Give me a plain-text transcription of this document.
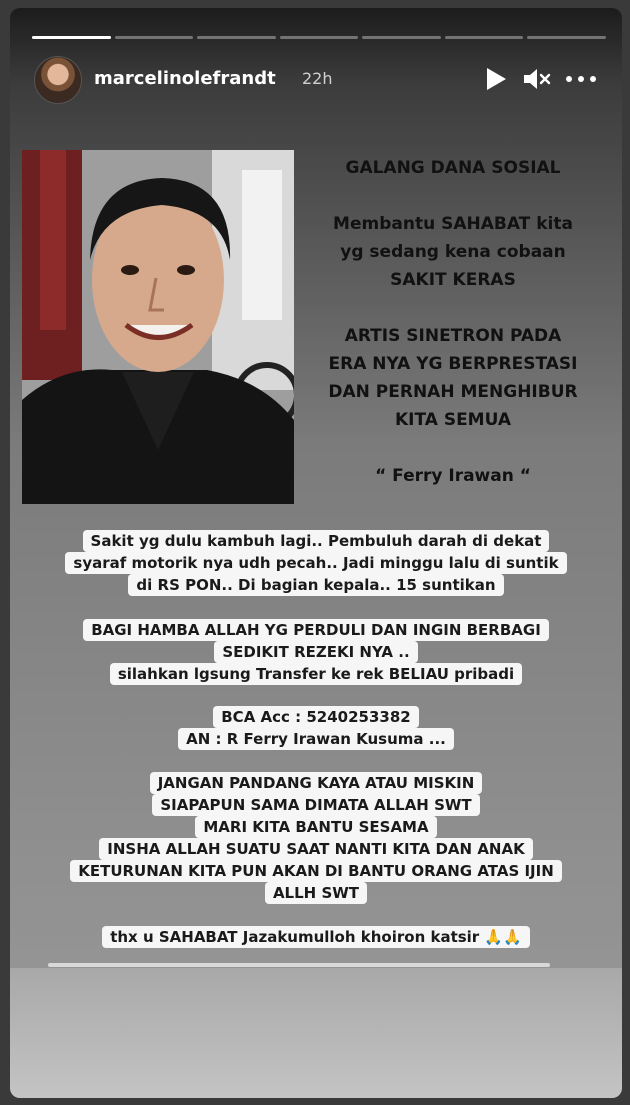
marcelinolefrandt 22h
GALANG DANA SOSIAL
Membantu SAHABAT kita
yg sedang kena cobaan
SAKIT KERAS
ARTIS SINETRON PADA
ERA NYA YG BERPRESTASI
DAN PERNAH MENGHIBUR
KITA SEMUA
“ Ferry Irawan “
Sakit yg dulu kambuh lagi.. Pembuluh darah di dekat
syaraf motorik nya udh pecah.. Jadi minggu lalu di suntik
di RS PON.. Di bagian kepala.. 15 suntikan
BAGI HAMBA ALLAH YG PERDULI DAN INGIN BERBAGI
SEDIKIT REZEKI NYA ..
silahkan lgsung Transfer ke rek BELIAU pribadi
BCA Acc : 5240253382
AN : R Ferry Irawan Kusuma ...
JANGAN PANDANG KAYA ATAU MISKIN
SIAPAPUN SAMA DIMATA ALLAH SWT
MARI KITA BANTU SESAMA
INSHA ALLAH SUATU SAAT NANTI KITA DAN ANAK
KETURUNAN KITA PUN AKAN DI BANTU ORANG ATAS IJIN
ALLH SWT
thx u SAHABAT Jazakumulloh khoiron katsir 🙏🙏
